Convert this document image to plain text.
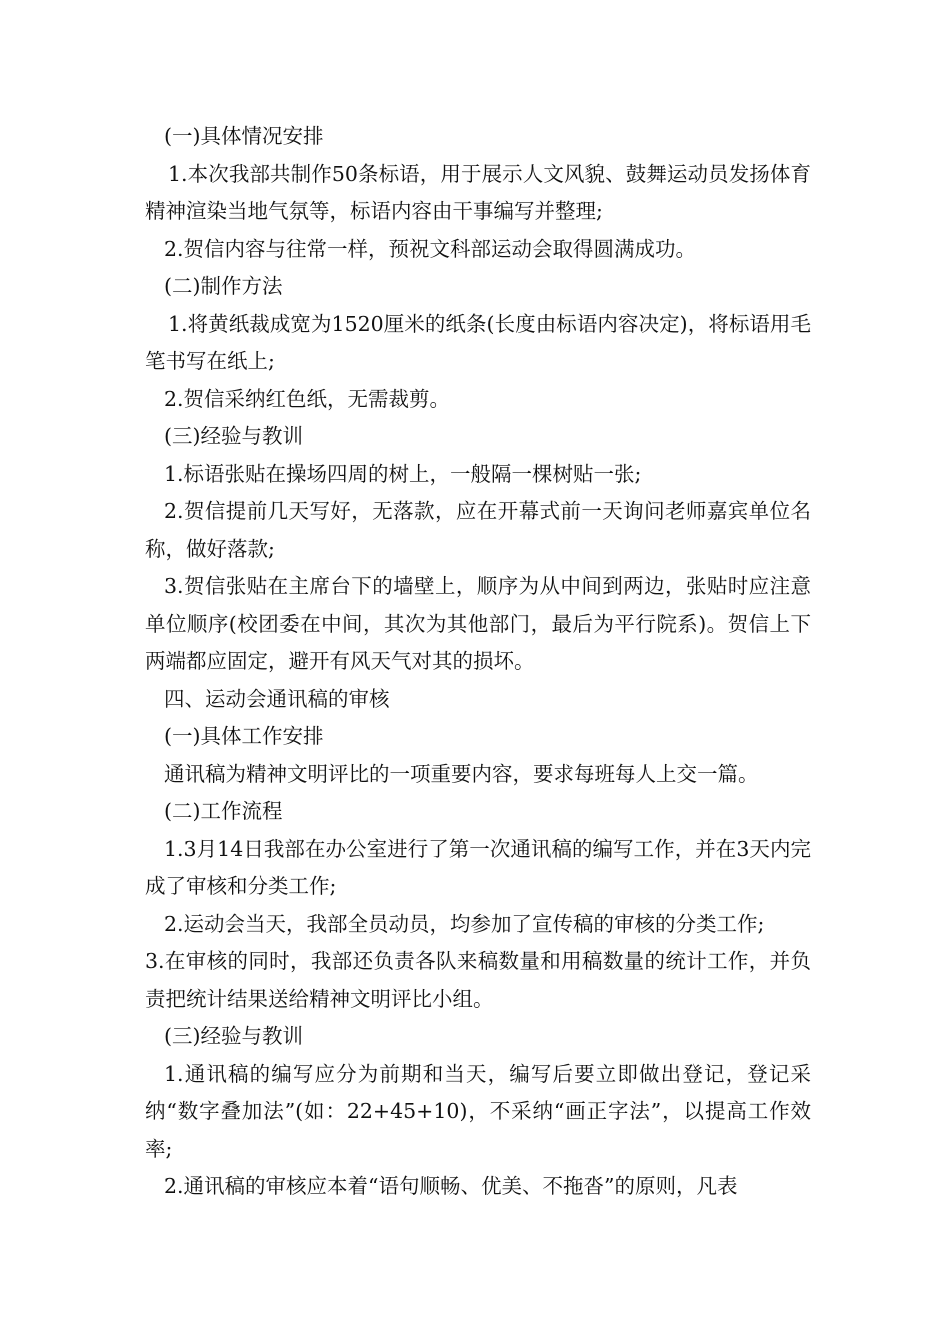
(一)具体情况安排

1.本次我部共制作50条标语，用于展示人文风貌、鼓舞运动员发扬体育精神渲染当地气氛等，标语内容由干事编写并整理;

2.贺信内容与往常一样，预祝文科部运动会取得圆满成功。

(二)制作方法

1.将黄纸裁成宽为1520厘米的纸条(长度由标语内容决定)，将标语用毛笔书写在纸上;

2.贺信采纳红色纸，无需裁剪。

(三)经验与教训

1.标语张贴在操场四周的树上，一般隔一棵树贴一张;

2.贺信提前几天写好，无落款，应在开幕式前一天询问老师嘉宾单位名称，做好落款;

3.贺信张贴在主席台下的墙壁上，顺序为从中间到两边，张贴时应注意单位顺序(校团委在中间，其次为其他部门，最后为平行院系)。贺信上下两端都应固定，避开有风天气对其的损坏。

四、运动会通讯稿的审核

(一)具体工作安排

通讯稿为精神文明评比的一项重要内容，要求每班每人上交一篇。

(二)工作流程

1.3月14日我部在办公室进行了第一次通讯稿的编写工作，并在3天内完成了审核和分类工作;

2.运动会当天，我部全员动员，均参加了宣传稿的审核的分类工作;

3.在审核的同时，我部还负责各队来稿数量和用稿数量的统计工作，并负责把统计结果送给精神文明评比小组。

(三)经验与教训

1.通讯稿的编写应分为前期和当天，编写后要立即做出登记，登记采纳“数字叠加法”(如：22+45+10)，不采纳“画正字法”，以提高工作效率;

2.通讯稿的审核应本着“语句顺畅、优美、不拖沓”的原则，凡表
